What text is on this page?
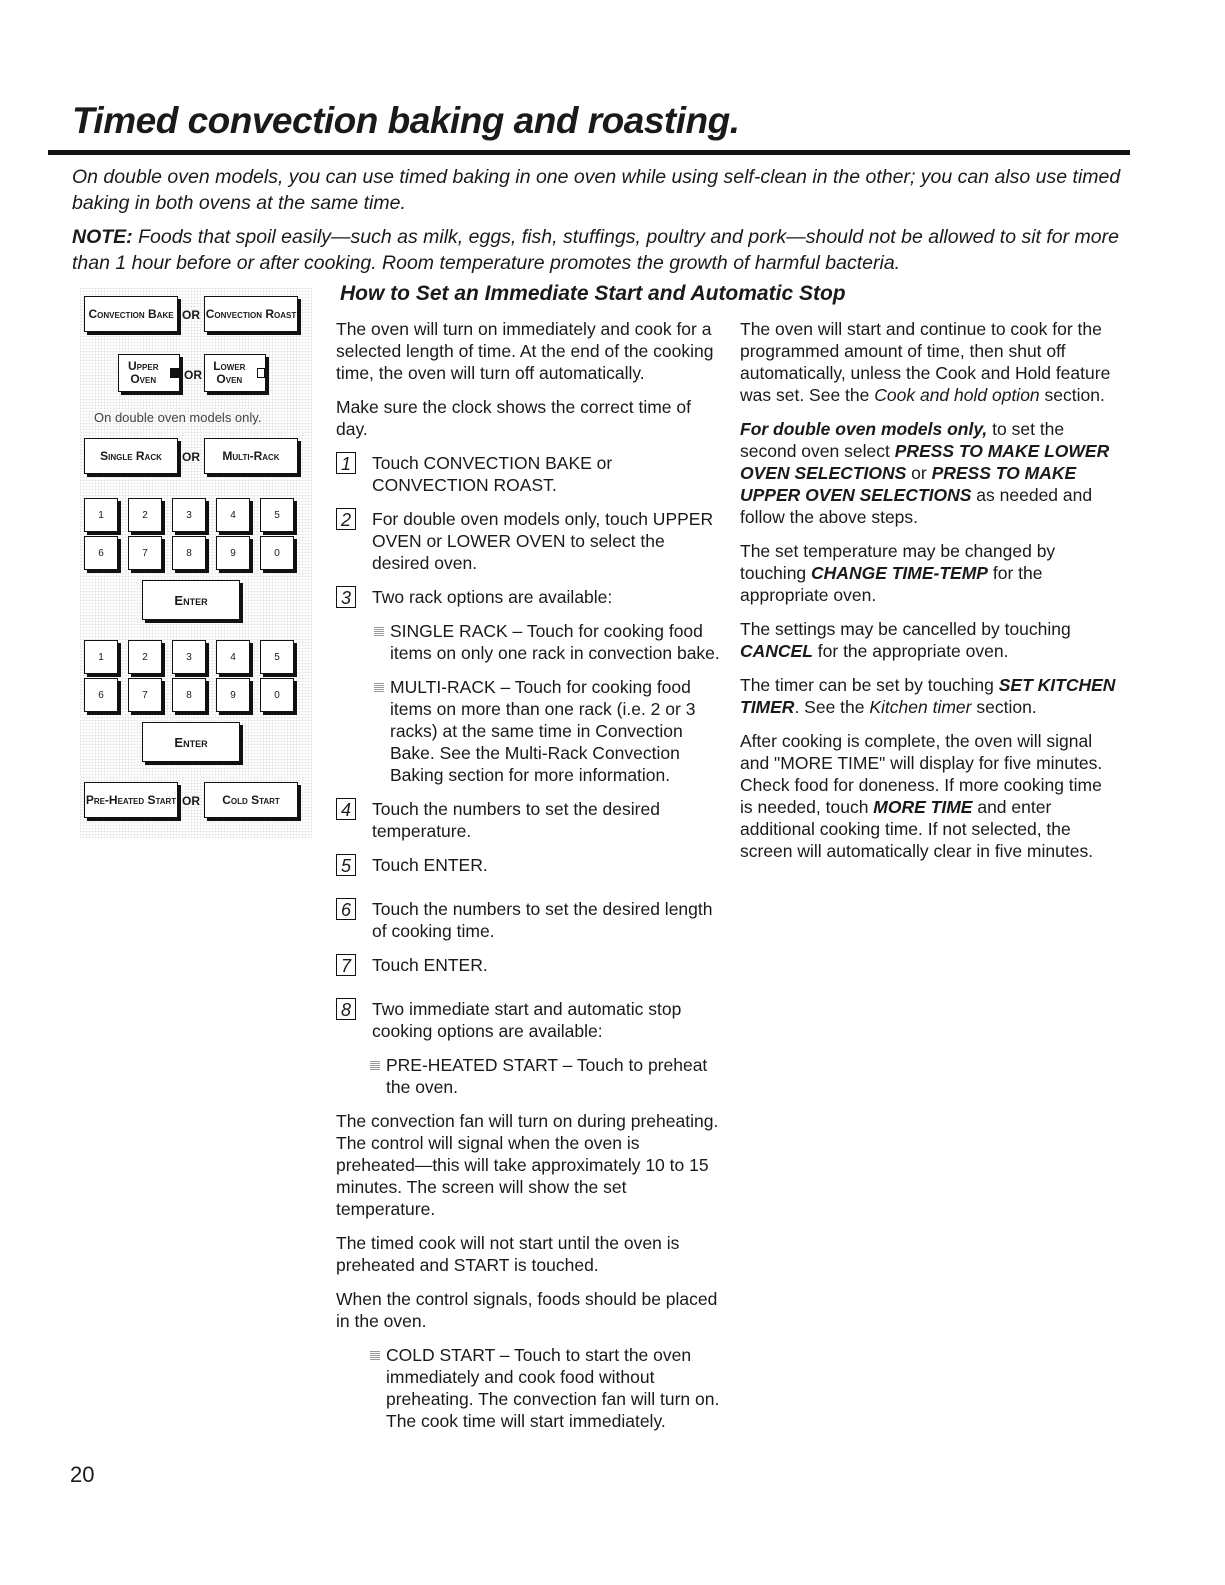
Timed convection baking and roasting.

On double oven models, you can use timed baking in one oven while using self-clean in the other; you can also use timed baking in both ovens at the same time.

NOTE: Foods that spoil easily—such as milk, eggs, fish, stuffings, poultry and pork—should not be allowed to sit for more than 1 hour before or after cooking. Room temperature promotes the growth of harmful bacteria.

Convection Bake OR Convection Roast
Upper Oven	OR
Lower Oven
On double oven models only.
Single Rack	OR	Multi-Rack
1	2	3	4	5
6	7	8	9	0
Enter
1	2	3	4	5
6	7	8	9	0
Enter
Pre-Heated Start OR	Cold Start
How to Set an Immediate Start and Automatic Stop

The oven will turn on immediately and cook for a selected length of time. At the end of the cooking time, the oven will turn off automatically.

Make sure the clock shows the correct time of day.

1 Touch CONVECTION BAKE or CONVECTION ROAST.
2 For double oven models only, touch UPPER OVEN or LOWER OVEN to select the desired oven.
3 Two rack options are available:
SINGLE RACK – Touch for cooking food items on only one rack in convection bake.
MULTI-RACK – Touch for cooking food items on more than one rack (i.e. 2 or 3 racks) at the same time in Convection Bake. See the Multi-Rack Convection Baking section for more information.
4 Touch the numbers to set the desired temperature.
5 Touch ENTER.
6 Touch the numbers to set the desired length of cooking time.
7 Touch ENTER.
8 Two immediate start and automatic stop cooking options are available:
PRE-HEATED START – Touch to preheat the oven.

The convection fan will turn on during preheating. The control will signal when the oven is preheated—this will take approximately 10 to 15 minutes. The screen will show the set temperature.

The timed cook will not start until the oven is preheated and START is touched.

When the control signals, foods should be placed in the oven.

COLD START – Touch to start the oven immediately and cook food without preheating. The convection fan will turn on. The cook time will start immediately.

The oven will start and continue to cook for the programmed amount of time, then shut off automatically, unless the Cook and Hold feature was set. See the Cook and hold option section.

For double oven models only, to set the second oven select PRESS TO MAKE LOWER OVEN SELECTIONS or PRESS TO MAKE UPPER OVEN SELECTIONS as needed and follow the above steps.

The set temperature may be changed by touching CHANGE TIME-TEMP for the appropriate oven.

The settings may be cancelled by touching CANCEL for the appropriate oven.

The timer can be set by touching SET KITCHEN TIMER. See the Kitchen timer section.

After cooking is complete, the oven will signal and "MORE TIME" will display for five minutes. Check food for doneness. If more cooking time is needed, touch MORE TIME and enter additional cooking time. If not selected, the screen will automatically clear in five minutes.

20
